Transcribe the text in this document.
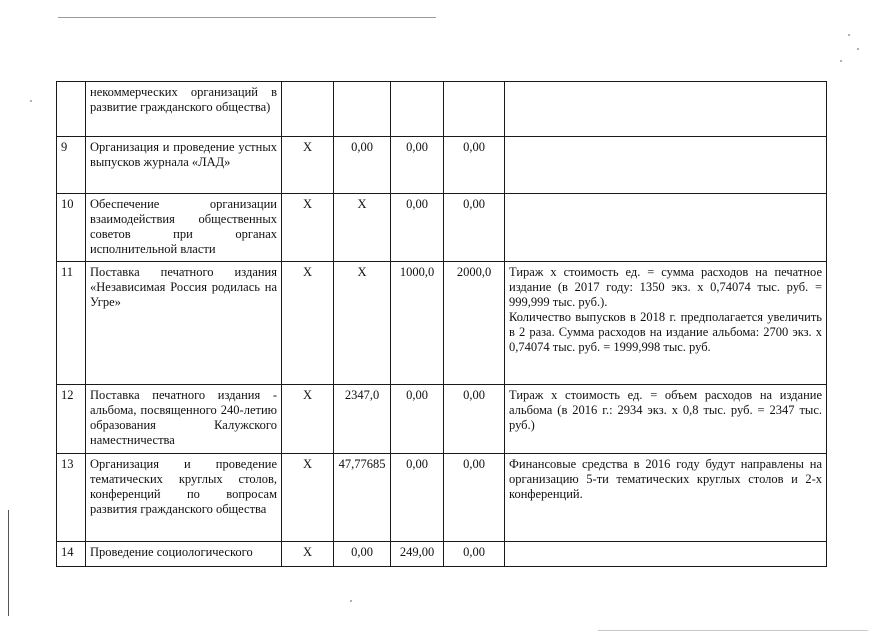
	некоммерческих организаций в развитие гражданского общества)					
9	Организация и проведение устных выпусков журнала «ЛАД»	Х	0,00	0,00	0,00	
10	Обеспечение организации взаимодействия общественных советов при органах исполнительной власти	Х	Х	0,00	0,00	
11	Поставка печатного издания «Независимая Россия родилась на Угре»	Х	Х	1000,0	2000,0	Тираж х стоимость ед. = сумма расходов на печатное издание (в 2017 году: 1350 экз. х 0,74074 тыс. руб. = 999,999 тыс. руб.).
Количество выпусков в 2018 г. предполагается увеличить в 2 раза. Сумма расходов на издание альбома: 2700 экз. х 0,74074 тыс. руб. = 1999,998 тыс. руб.

12	Поставка печатного издания - альбома, посвященного 240-летию образования Калужского наместничества	Х	2347,0	0,00	0,00	Тираж х стоимость ед. = объем расходов на издание альбома (в 2016 г.: 2934 экз. х 0,8 тыс. руб. = 2347 тыс. руб.)

13	Организация и проведение тематических круглых столов, конференций по вопросам развития гражданского общества	Х	47,77685	0,00	0,00	Финансовые средства в 2016 году будут направлены на организацию 5-ти тематических круглых столов и 2-х конференций.

14	Проведение социологического	Х	0,00	249,00	0,00	
